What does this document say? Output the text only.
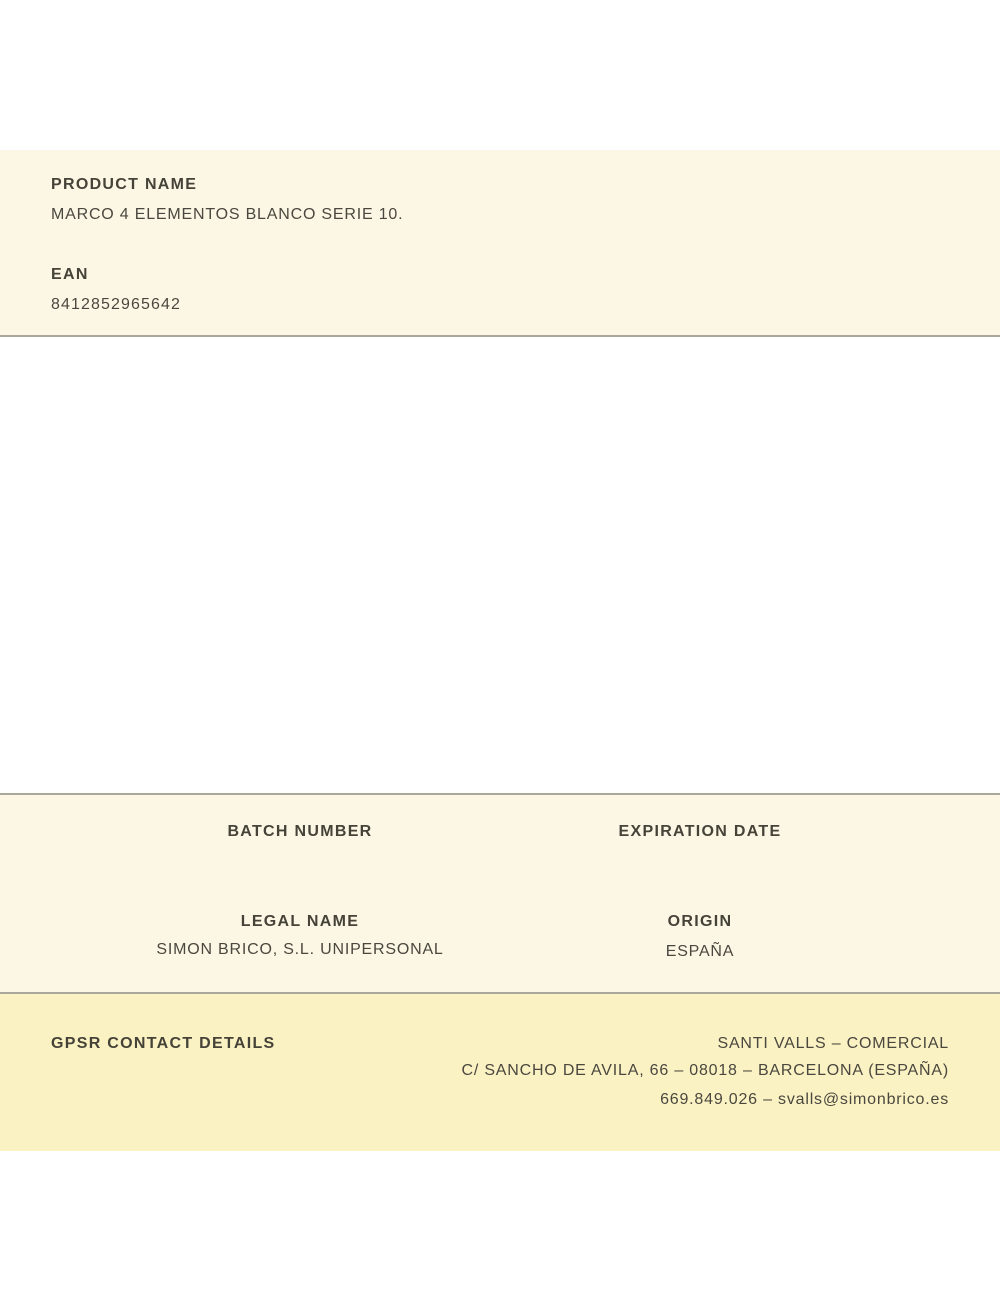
PRODUCT NAME
MARCO 4 ELEMENTOS BLANCO SERIE 10.
EAN
8412852965642
BATCH NUMBER	EXPIRATION DATE
LEGAL NAME
SIMON BRICO, S.L. UNIPERSONAL
ORIGIN
ESPAÑA
GPSR CONTACT DETAILS	SANTI VALLS – COMERCIAL
C/ SANCHO DE AVILA, 66 – 08018 – BARCELONA (ESPAÑA)
669.849.026 – svalls@simonbrico.es
